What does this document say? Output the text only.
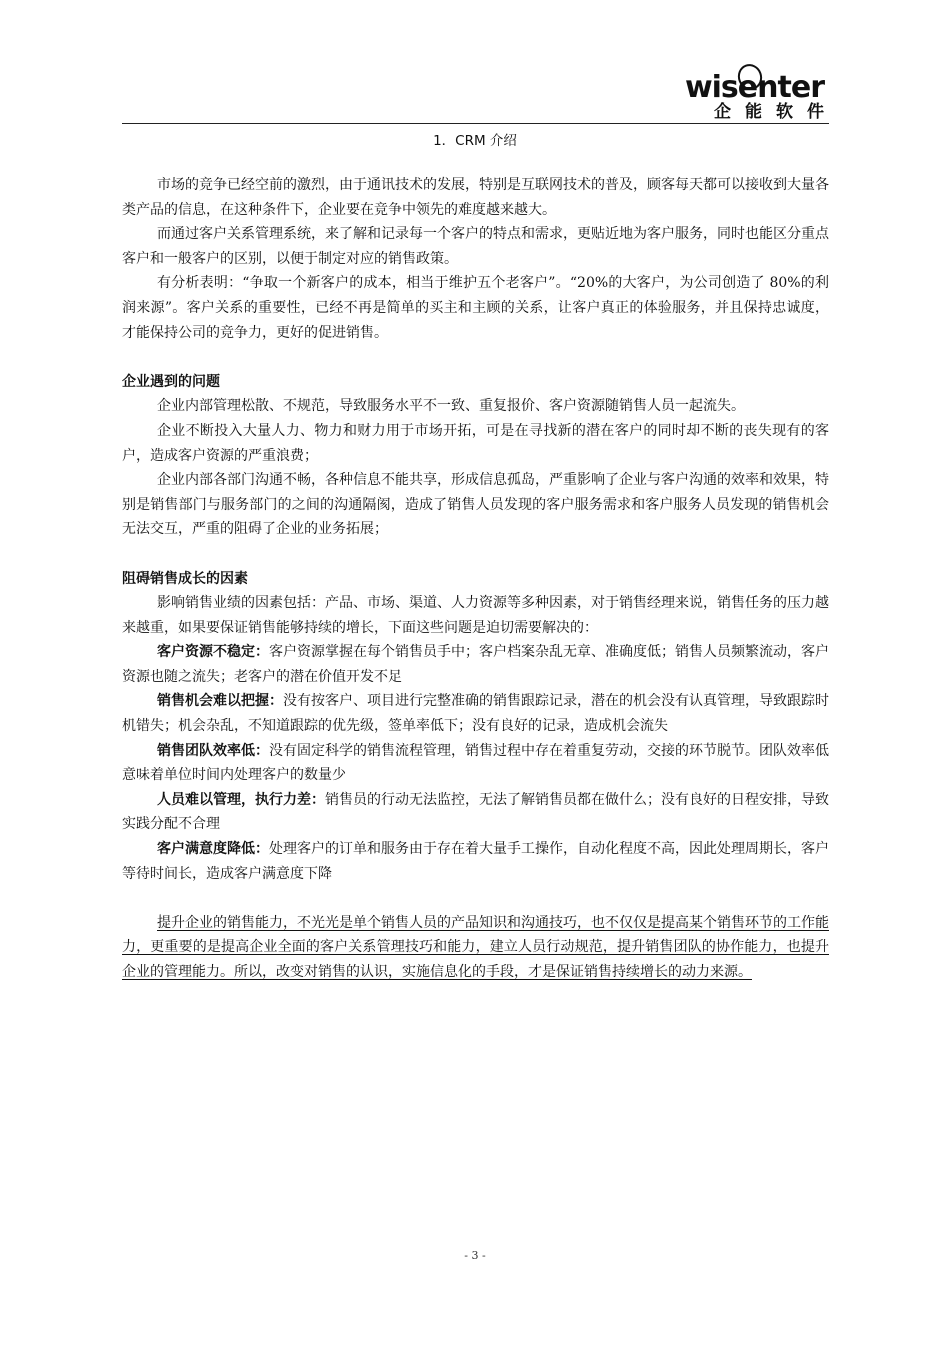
wis
enter
企能软件
1．CRM 介绍

市场的竞争已经空前的激烈，由于通讯技术的发展，特别是互联网技术的普及，顾客每天都可以接收到大量各类产品的信息，在这种条件下，企业要在竞争中领先的难度越来越大。

而通过客户关系管理系统，来了解和记录每一个客户的特点和需求，更贴近地为客户服务，同时也能区分重点客户和一般客户的区别，以便于制定对应的销售政策。

有分析表明：“争取一个新客户的成本，相当于维护五个老客户”。“20%的大客户，为公司创造了 80%的利润来源”。客户关系的重要性，已经不再是简单的买主和主顾的关系，让客户真正的体验服务，并且保持忠诚度，才能保持公司的竞争力，更好的促进销售。

企业遇到的问题

企业内部管理松散、不规范，导致服务水平不一致、重复报价、客户资源随销售人员一起流失。

企业不断投入大量人力、物力和财力用于市场开拓，可是在寻找新的潜在客户的同时却不断的丧失现有的客户，造成客户资源的严重浪费；

企业内部各部门沟通不畅，各种信息不能共享，形成信息孤岛，严重影响了企业与客户沟通的效率和效果，特别是销售部门与服务部门的之间的沟通隔阂，造成了销售人员发现的客户服务需求和客户服务人员发现的销售机会无法交互，严重的阻碍了企业的业务拓展；

阻碍销售成长的因素

影响销售业绩的因素包括：产品、市场、渠道、人力资源等多种因素，对于销售经理来说，销售任务的压力越来越重，如果要保证销售能够持续的增长，下面这些问题是迫切需要解决的：

客户资源不稳定：客户资源掌握在每个销售员手中；客户档案杂乱无章、准确度低；销售人员频繁流动，客户资源也随之流失；老客户的潜在价值开发不足

销售机会难以把握：没有按客户、项目进行完整准确的销售跟踪记录，潜在的机会没有认真管理，导致跟踪时机错失；机会杂乱，不知道跟踪的优先级，签单率低下；没有良好的记录，造成机会流失

销售团队效率低：没有固定科学的销售流程管理，销售过程中存在着重复劳动，交接的环节脱节。团队效率低意味着单位时间内处理客户的数量少

人员难以管理，执行力差：销售员的行动无法监控，无法了解销售员都在做什么；没有良好的日程安排，导致实践分配不合理

客户满意度降低：处理客户的订单和服务由于存在着大量手工操作，自动化程度不高，因此处理周期长，客户等待时间长，造成客户满意度下降

提升企业的销售能力，不光光是单个销售人员的产品知识和沟通技巧，也不仅仅是提高某个销售环节的工作能力，更重要的是提高企业全面的客户关系管理技巧和能力，建立人员行动规范，提升销售团队的协作能力，也提升企业的管理能力。所以，改变对销售的认识，实施信息化的手段，才是保证销售持续增长的动力来源。

- 3 -
